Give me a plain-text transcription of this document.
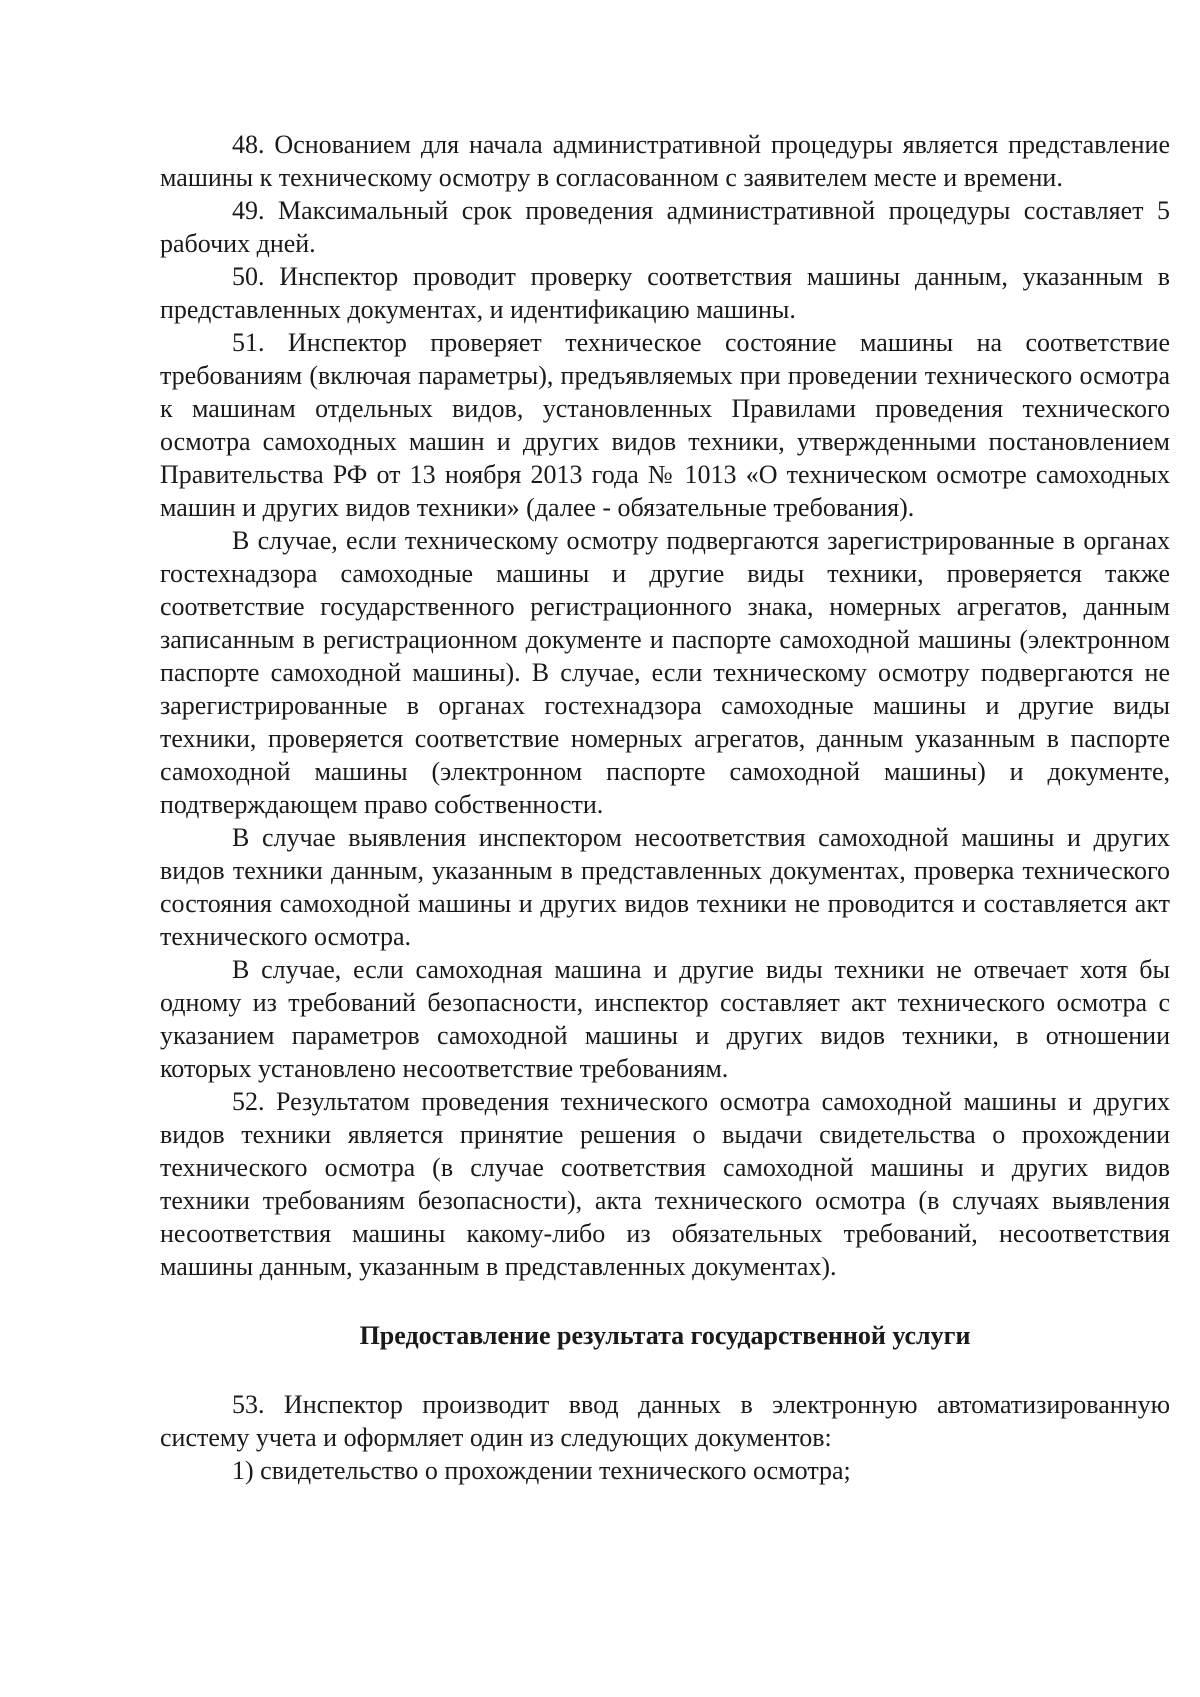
48. Основанием для начала административной процедуры является представление машины к техническому осмотру в согласованном с заявителем месте и времени.

49. Максимальный срок проведения административной процедуры составляет 5 рабочих дней.

50. Инспектор проводит проверку соответствия машины данным, указанным в представленных документах, и идентификацию машины.

51. Инспектор проверяет техническое состояние машины на соответствие требованиям (включая параметры), предъявляемых при проведении технического осмотра к машинам отдельных видов, установленных Правилами проведения технического осмотра самоходных машин и других видов техники, утвержденными постановлением Правительства РФ от 13 ноября 2013 года № 1013 «О техническом осмотре самоходных машин и других видов техники» (далее - обязательные требования).

В случае, если техническому осмотру подвергаются зарегистрированные в органах гостехнадзора самоходные машины и другие виды техники, проверяется также соответствие государственного регистрационного знака, номерных агрегатов, данным записанным в регистрационном документе и паспорте самоходной машины (электронном паспорте самоходной машины). В случае, если техническому осмотру подвергаются не зарегистрированные в органах гостехнадзора самоходные машины и другие виды техники, проверяется соответствие номерных агрегатов, данным указанным в паспорте самоходной машины (электронном паспорте самоходной машины) и документе, подтверждающем право собственности.

В случае выявления инспектором несоответствия самоходной машины и других видов техники данным, указанным в представленных документах, проверка технического состояния самоходной машины и других видов техники не проводится и составляется акт технического осмотра.

В случае, если самоходная машина и другие виды техники не отвечает хотя бы одному из требований безопасности, инспектор составляет акт технического осмотра с указанием параметров самоходной машины и других видов техники, в отношении которых установлено несоответствие требованиям.

52. Результатом проведения технического осмотра самоходной машины и других видов техники является принятие решения о выдачи свидетельства о прохождении технического осмотра (в случае соответствия самоходной машины и других видов техники требованиям безопасности), акта технического осмотра (в случаях выявления несоответствия машины какому-либо из обязательных требований, несоответствия машины данным, указанным в представленных документах).

Предоставление результата государственной услуги

53. Инспектор производит ввод данных в электронную автоматизированную систему учета и оформляет один из следующих документов:

1) свидетельство о прохождении технического осмотра;
